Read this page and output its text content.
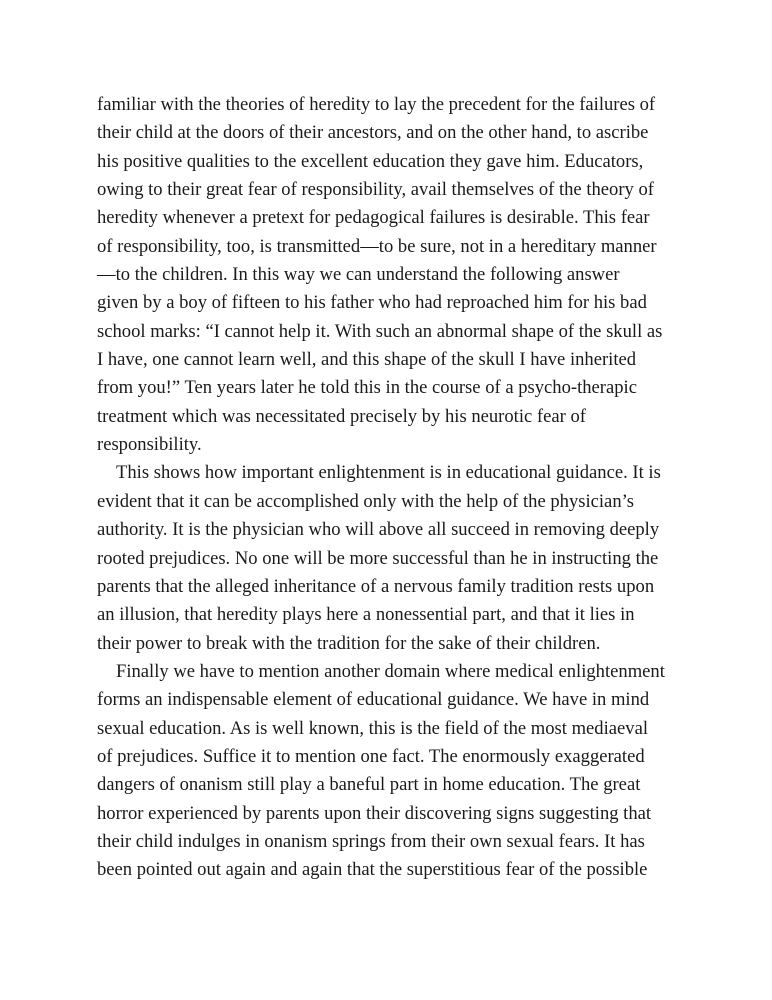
familiar with the theories of heredity to lay the precedent for the failures of
their child at the doors of their ancestors, and on the other hand, to ascribe
his positive qualities to the excellent education they gave him. Educators,
owing to their great fear of responsibility, avail themselves of the theory of
heredity whenever a pretext for pedagogical failures is desirable. This fear
of responsibility, too, is transmitted—to be sure, not in a hereditary manner
—to the children. In this way we can understand the following answer
given by a boy of fifteen to his father who had reproached him for his bad
school marks: “I cannot help it. With such an abnormal shape of the skull as
I have, one cannot learn well, and this shape of the skull I have inherited
from you!” Ten years later he told this in the course of a psycho-therapic
treatment which was necessitated precisely by his neurotic fear of
responsibility.
This shows how important enlightenment is in educational guidance. It is
evident that it can be accomplished only with the help of the physician’s
authority. It is the physician who will above all succeed in removing deeply
rooted prejudices. No one will be more successful than he in instructing the
parents that the alleged inheritance of a nervous family tradition rests upon
an illusion, that heredity plays here a nonessential part, and that it lies in
their power to break with the tradition for the sake of their children.
Finally we have to mention another domain where medical enlightenment
forms an indispensable element of educational guidance. We have in mind
sexual education. As is well known, this is the field of the most mediaeval
of prejudices. Suffice it to mention one fact. The enormously exaggerated
dangers of onanism still play a baneful part in home education. The great
horror experienced by parents upon their discovering signs suggesting that
their child indulges in onanism springs from their own sexual fears. It has
been pointed out again and again that the superstitious fear of the possible
